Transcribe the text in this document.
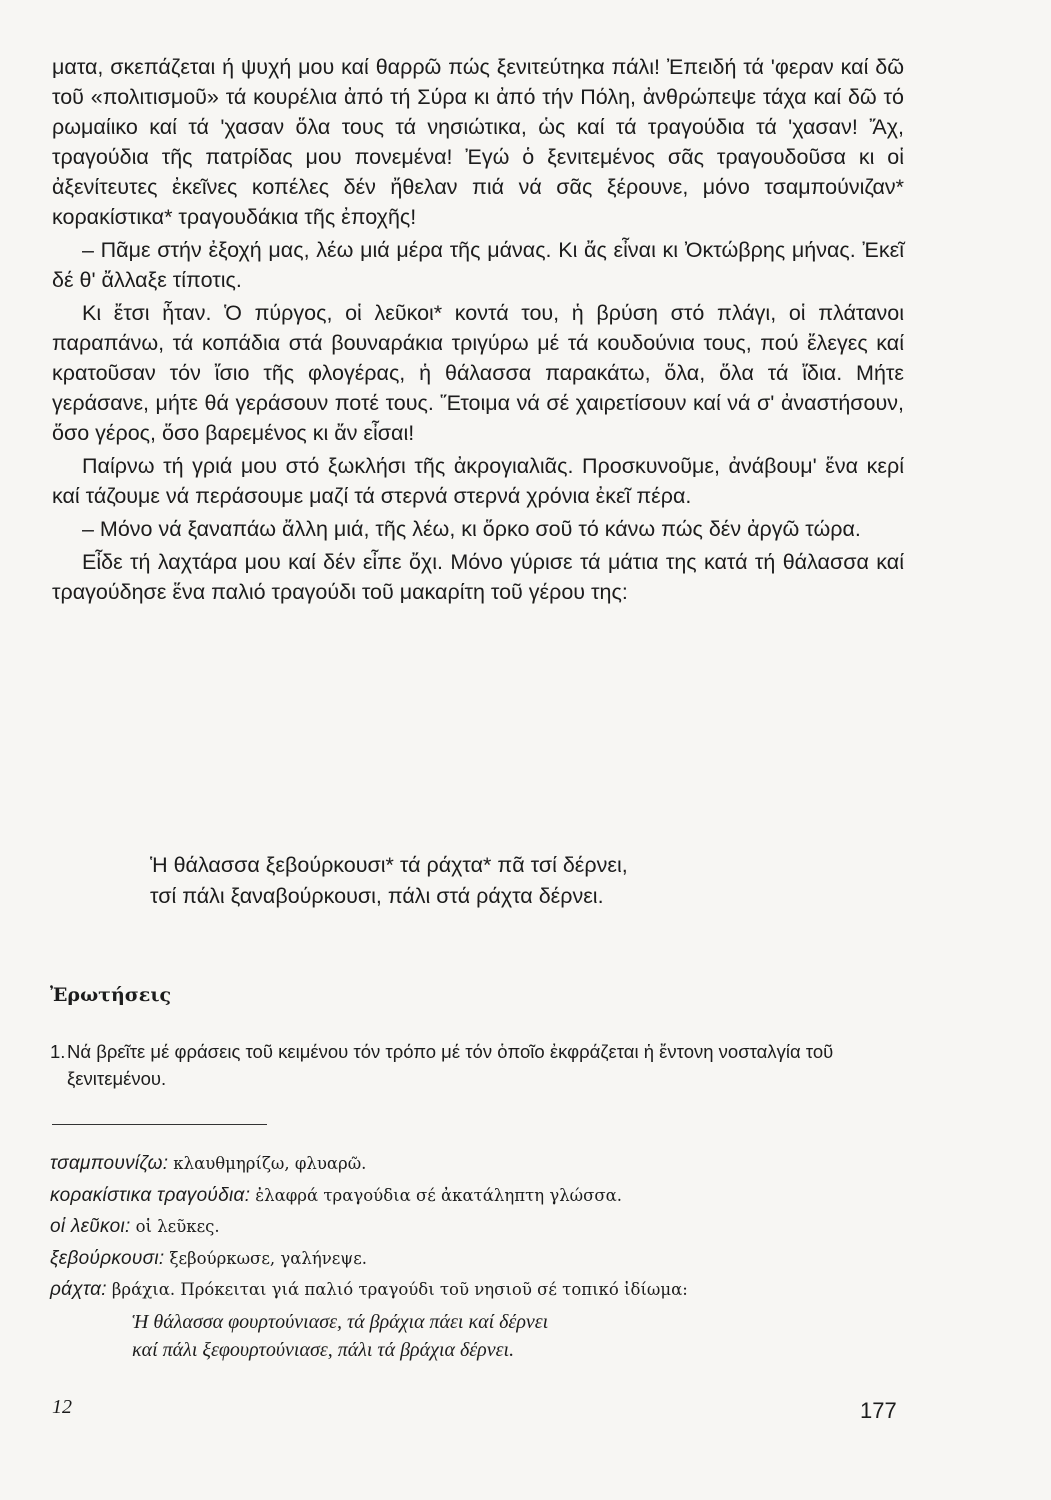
ματα, σκεπάζεται ή ψυχή μου καί θαρρῶ πώς ξενιτεύτηκα πάλι! Ἐπειδή τά 'φεραν καί δῶ τοῦ «πολιτισμοῦ» τά κουρέλια ἀπό τή Σύρα κι ἀπό τήν Πόλη, ἀνθρώπεψε τάχα καί δῶ τό ρωμαίικο καί τά 'χασαν ὅλα τους τά νησιώτικα, ὡς καί τά τραγούδια τά 'χασαν! Ἄχ, τραγούδια τῆς πατρίδας μου πονεμένα! Ἐγώ ὁ ξενιτεμένος σᾶς τραγουδοῦσα κι οἱ ἀξενίτευτες ἐκεῖνες κοπέλες δέν ἤθελαν πιά νά σᾶς ξέρουνε, μόνο τσαμπούνιζαν* κορακίστικα* τραγουδάκια τῆς ἐποχῆς!

– Πᾶμε στήν ἐξοχή μας, λέω μιά μέρα τῆς μάνας. Κι ἄς εἶναι κι Ὀκτώβρης μήνας. Ἐκεῖ δέ θ' ἄλλαξε τίποτις.

Κι ἔτσι ἦταν. Ὁ πύργος, οἱ λεῦκοι* κοντά του, ἡ βρύση στό πλάγι, οἱ πλάτανοι παραπάνω, τά κοπάδια στά βουναράκια τριγύρω μέ τά κουδούνια τους, πού ἔλεγες καί κρατοῦσαν τόν ἴσιο τῆς φλογέρας, ἡ θάλασσα παρακάτω, ὅλα, ὅλα τά ἴδια. Μήτε γεράσανε, μήτε θά γεράσουν ποτέ τους. Ἕτοιμα νά σέ χαιρετίσουν καί νά σ' ἀναστήσουν, ὅσο γέρος, ὅσο βαρεμένος κι ἄν εἶσαι!

Παίρνω τή γριά μου στό ξωκλήσι τῆς ἀκρογιαλιᾶς. Προσκυνοῦμε, ἀνάβουμ' ἕνα κερί καί τάζουμε νά περάσουμε μαζί τά στερνά στερνά χρόνια ἐκεῖ πέρα.

– Μόνο νά ξαναπάω ἄλλη μιά, τῆς λέω, κι ὅρκο σοῦ τό κάνω πώς δέν ἀργῶ τώρα.

Εἶδε τή λαχτάρα μου καί δέν εἶπε ὄχι. Μόνο γύρισε τά μάτια της κατά τή θάλασσα καί τραγούδησε ἕνα παλιό τραγούδι τοῦ μακαρίτη τοῦ γέρου της:

Ἡ θάλασσα ξεβούρκουσι* τά ράχτα* πᾶ τσί δέρνει,
τσί πάλι ξαναβούρκουσι, πάλι στά ράχτα δέρνει.
Ἐρωτήσεις
1. Νά βρεῖτε μέ φράσεις τοῦ κειμένου τόν τρόπο μέ τόν ὁποῖο ἐκφράζεται ἡ ἔντονη νοσταλγία τοῦ ξενιτεμένου.
τσαμπουνίζω: κλαυθμηρίζω, φλυαρῶ.
κορακίστικα τραγούδια: ἐλαφρά τραγούδια σέ ἀκατάληπτη γλώσσα.
οἱ λεῦκοι: οἱ λεῦκες.
ξεβούρκουσι: ξεβούρκωσε, γαλήνεψε.
ράχτα: βράχια. Πρόκειται γιά παλιό τραγούδι τοῦ νησιοῦ σέ τοπικό ἰδίωμα:
Ἡ θάλασσα φουρτούνιασε, τά βράχια πάει καί δέρνει
καί πάλι ξεφουρτούνιασε, πάλι τά βράχια δέρνει.
12	177
